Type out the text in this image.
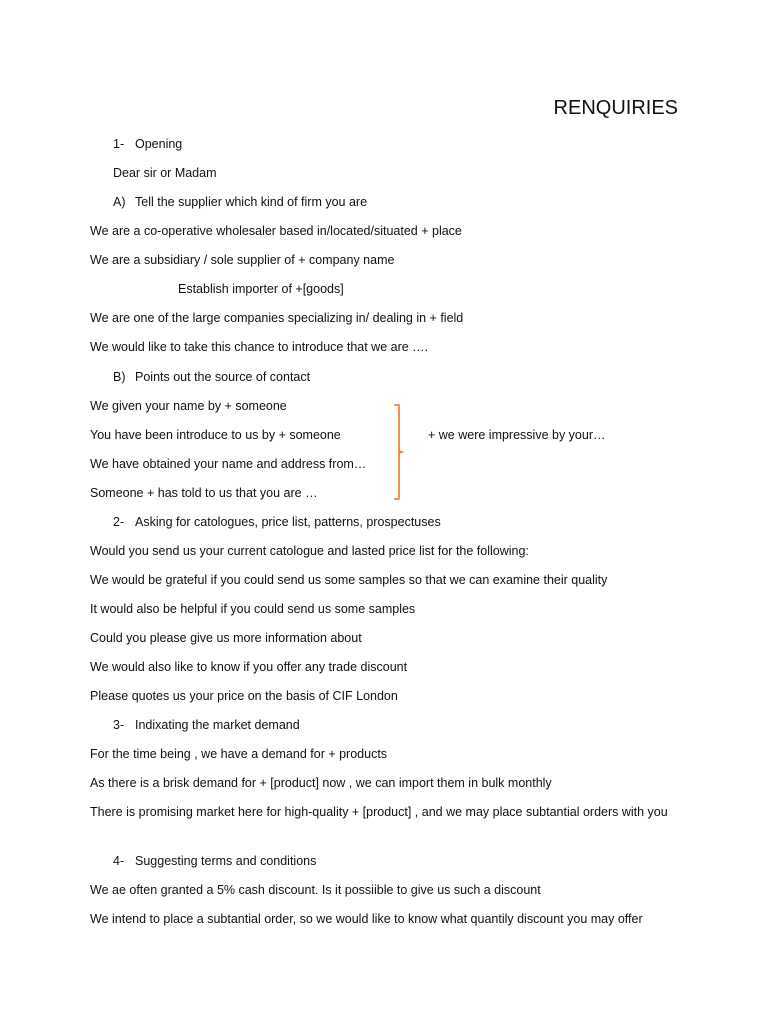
RENQUIRIES
1- Opening
Dear sir or Madam
A) Tell the supplier which kind of firm you are
We are a co-operative wholesaler based in/located/situated + place
We are a subsidiary / sole supplier of + company name
Establish importer of +[goods]
We are one of the large companies specializing in/ dealing in + field
We would like to take this chance to introduce that we are ….
B) Points out the source of contact
We given your name by + someone
You have been introduce to us by + someone	+ we were impressive by your…
We have obtained your name and address from…
Someone + has told to us that you are …
2- Asking for catologues, price list, patterns, prospectuses
Would you send us your current catologue and lasted price list for the following:
We would be grateful if you could send us some samples so that we can examine their quality
It would also be helpful if you could send us some samples
Could you please give us more information about
We would also like to know if you offer any trade discount
Please quotes us your price on the basis of CIF London
3- Indixating the market demand
For the time being , we have a demand for + products
As there is a brisk demand for + [product] now , we can import them in bulk monthly
There is promising market here for high-quality + [product] , and we may place subtantial orders with you
4- Suggesting terms and conditions
We ae often granted a 5% cash discount. Is it possiible to give us such a discount
We intend to place a subtantial order, so we would like to know what quantily discount you may offer
